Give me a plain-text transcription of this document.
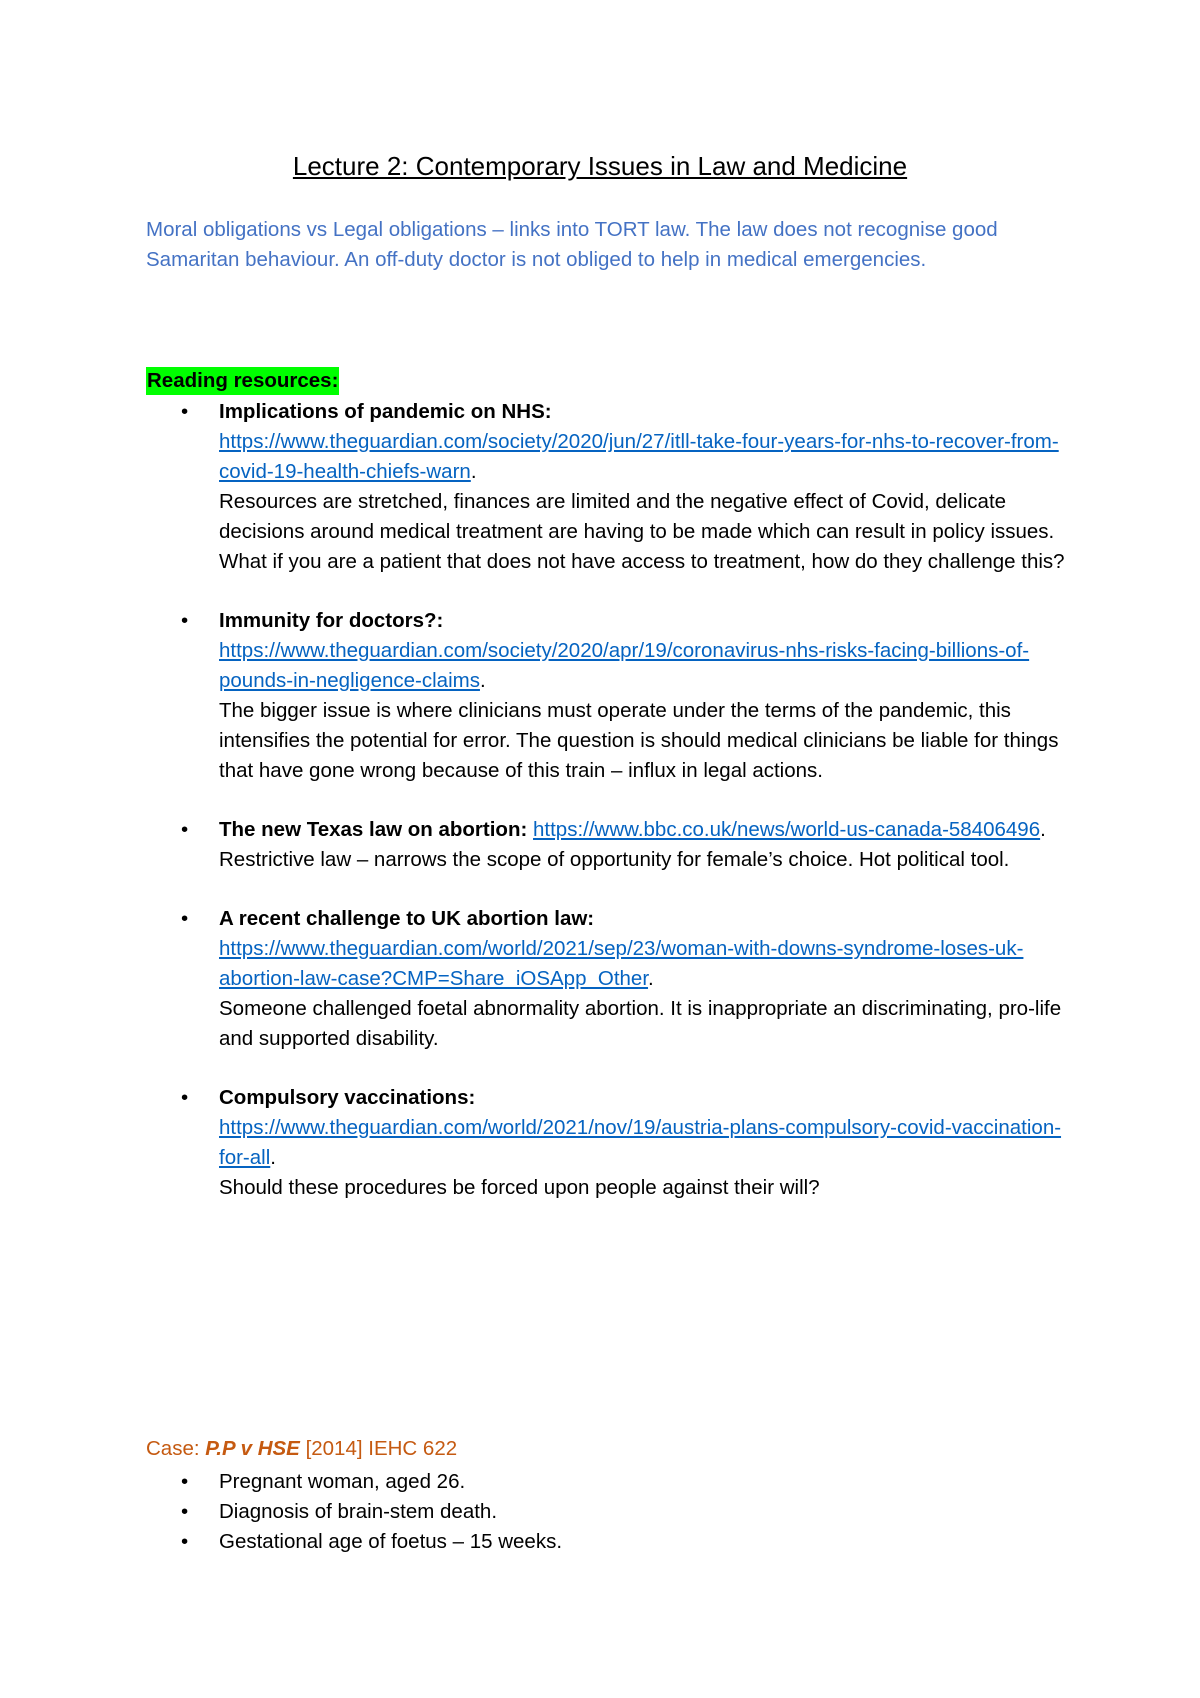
Lecture 2: Contemporary Issues in Law and Medicine
Moral obligations vs Legal obligations – links into TORT law. The law does not recognise good Samaritan behaviour. An off-duty doctor is not obliged to help in medical emergencies.
Reading resources:
• Implications of pandemic on NHS:
https://www.theguardian.com/society/2020/jun/27/itll-take-four-years-for-nhs-to-recover-from-covid-19-health-chiefs-warn.
Resources are stretched, finances are limited and the negative effect of Covid, delicate decisions around medical treatment are having to be made which can result in policy issues.
What if you are a patient that does not have access to treatment, how do they challenge this?
• Immunity for doctors?:
https://www.theguardian.com/society/2020/apr/19/coronavirus-nhs-risks-facing-billions-of-pounds-in-negligence-claims.
The bigger issue is where clinicians must operate under the terms of the pandemic, this intensifies the potential for error. The question is should medical clinicians be liable for things that have gone wrong because of this train – influx in legal actions.
• The new Texas law on abortion: https://www.bbc.co.uk/news/world-us-canada-58406496.
Restrictive law – narrows the scope of opportunity for female’s choice. Hot political tool.
• A recent challenge to UK abortion law:
https://www.theguardian.com/world/2021/sep/23/woman-with-downs-syndrome-loses-uk-abortion-law-case?CMP=Share_iOSApp_Other.
Someone challenged foetal abnormality abortion. It is inappropriate an discriminating, pro-life and supported disability.
• Compulsory vaccinations:
https://www.theguardian.com/world/2021/nov/19/austria-plans-compulsory-covid-vaccination-for-all.
Should these procedures be forced upon people against their will?
Case: P.P v HSE [2014] IEHC 622
• Pregnant woman, aged 26.
• Diagnosis of brain-stem death.
• Gestational age of foetus – 15 weeks.
